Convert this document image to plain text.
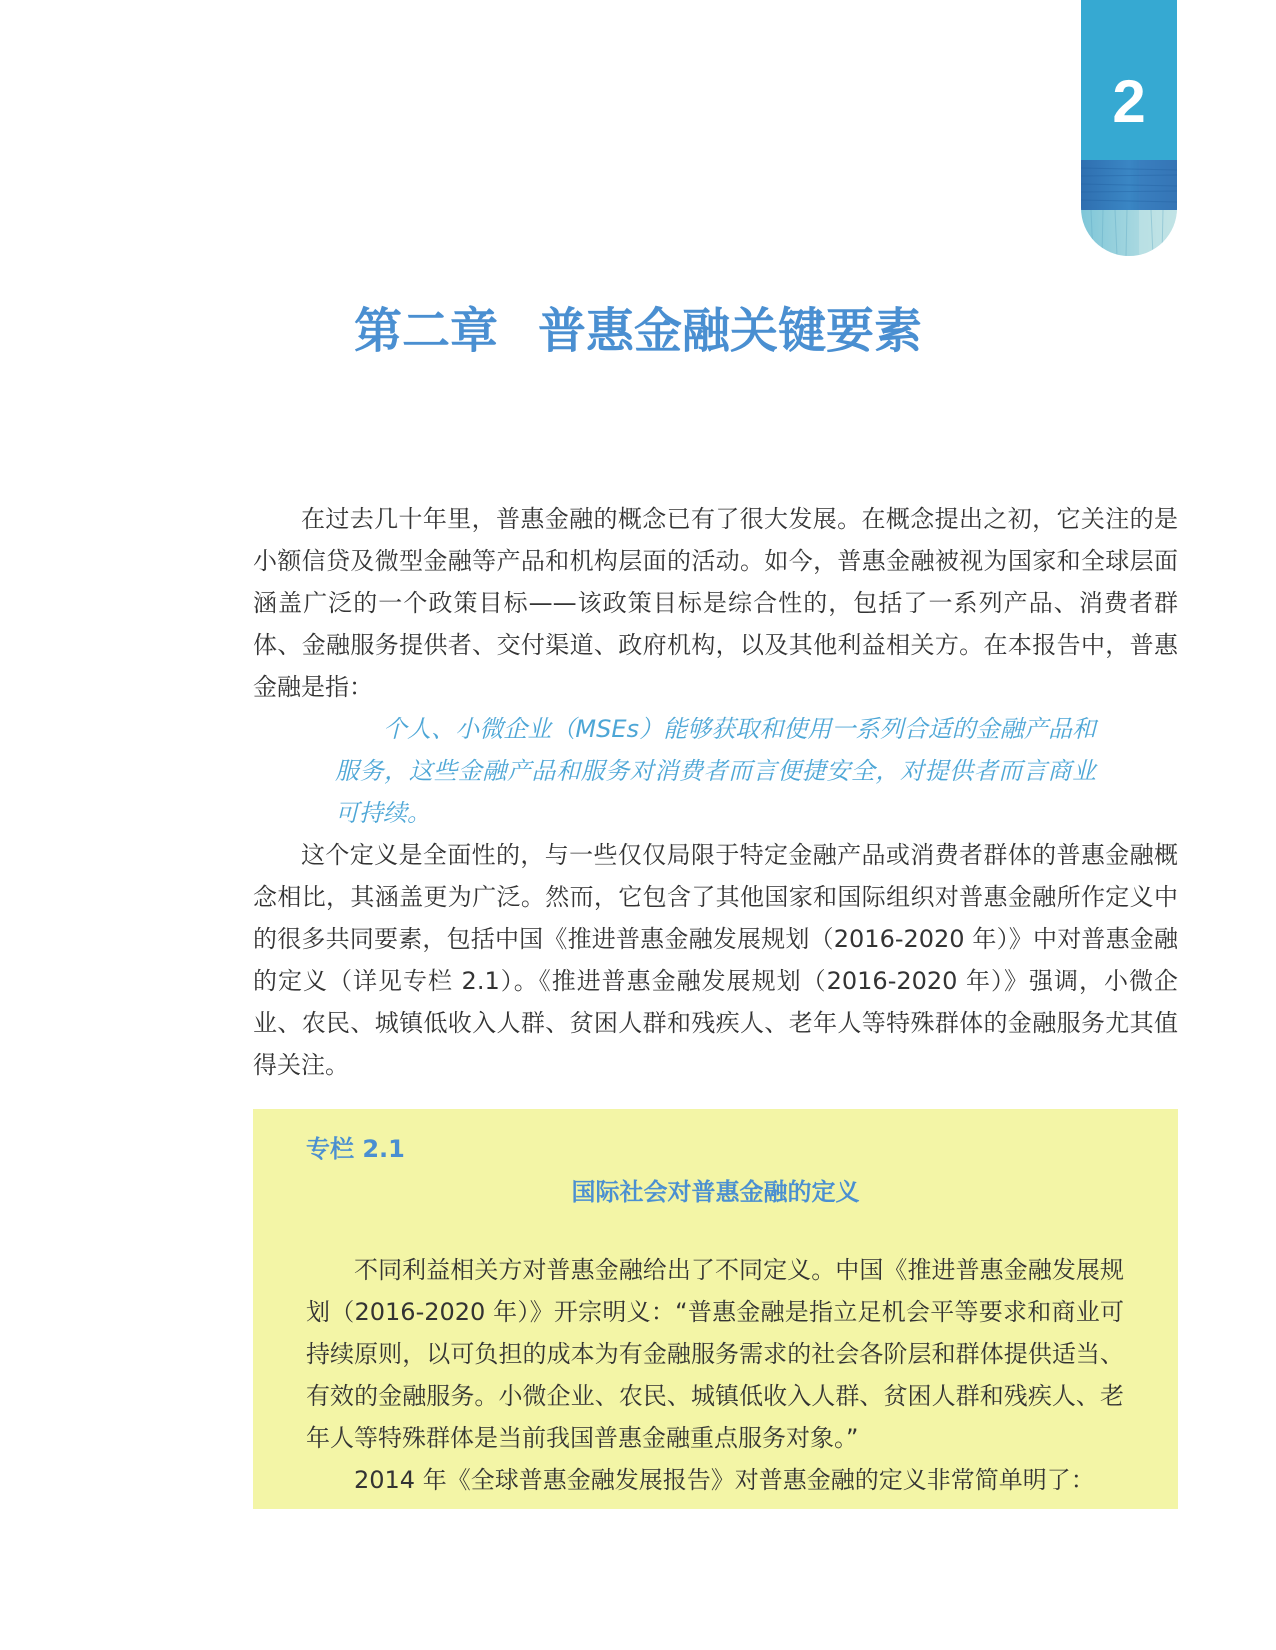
2
第二章 普惠金融关键要素

在过去几十年里，普惠金融的概念已有了很大发展。在概念提出之初，它关注的是小额信贷及微型金融等产品和机构层面的活动。如今，普惠金融被视为国家和全球层面涵盖广泛的一个政策目标——该政策目标是综合性的，包括了一系列产品、消费者群体、金融服务提供者、交付渠道、政府机构，以及其他利益相关方。在本报告中，普惠金融是指：

个人、小微企业（MSEs）能够获取和使用一系列合适的金融产品和服务，这些金融产品和服务对消费者而言便捷安全，对提供者而言商业可持续。

这个定义是全面性的，与一些仅仅局限于特定金融产品或消费者群体的普惠金融概念相比，其涵盖更为广泛。然而，它包含了其他国家和国际组织对普惠金融所作定义中的很多共同要素，包括中国《推进普惠金融发展规划（2016-2020 年）》中对普惠金融的定义（详见专栏 2.1）。《推进普惠金融发展规划（2016-2020 年）》强调，小微企业、农民、城镇低收入人群、贫困人群和残疾人、老年人等特殊群体的金融服务尤其值得关注。

专栏 2.1
国际社会对普惠金融的定义

不同利益相关方对普惠金融给出了不同定义。中国《推进普惠金融发展规划（2016-2020 年）》开宗明义：“普惠金融是指立足机会平等要求和商业可持续原则，以可负担的成本为有金融服务需求的社会各阶层和群体提供适当、有效的金融服务。小微企业、农民、城镇低收入人群、贫困人群和残疾人、老年人等特殊群体是当前我国普惠金融重点服务对象。”

2014 年《全球普惠金融发展报告》对普惠金融的定义非常简单明了：
